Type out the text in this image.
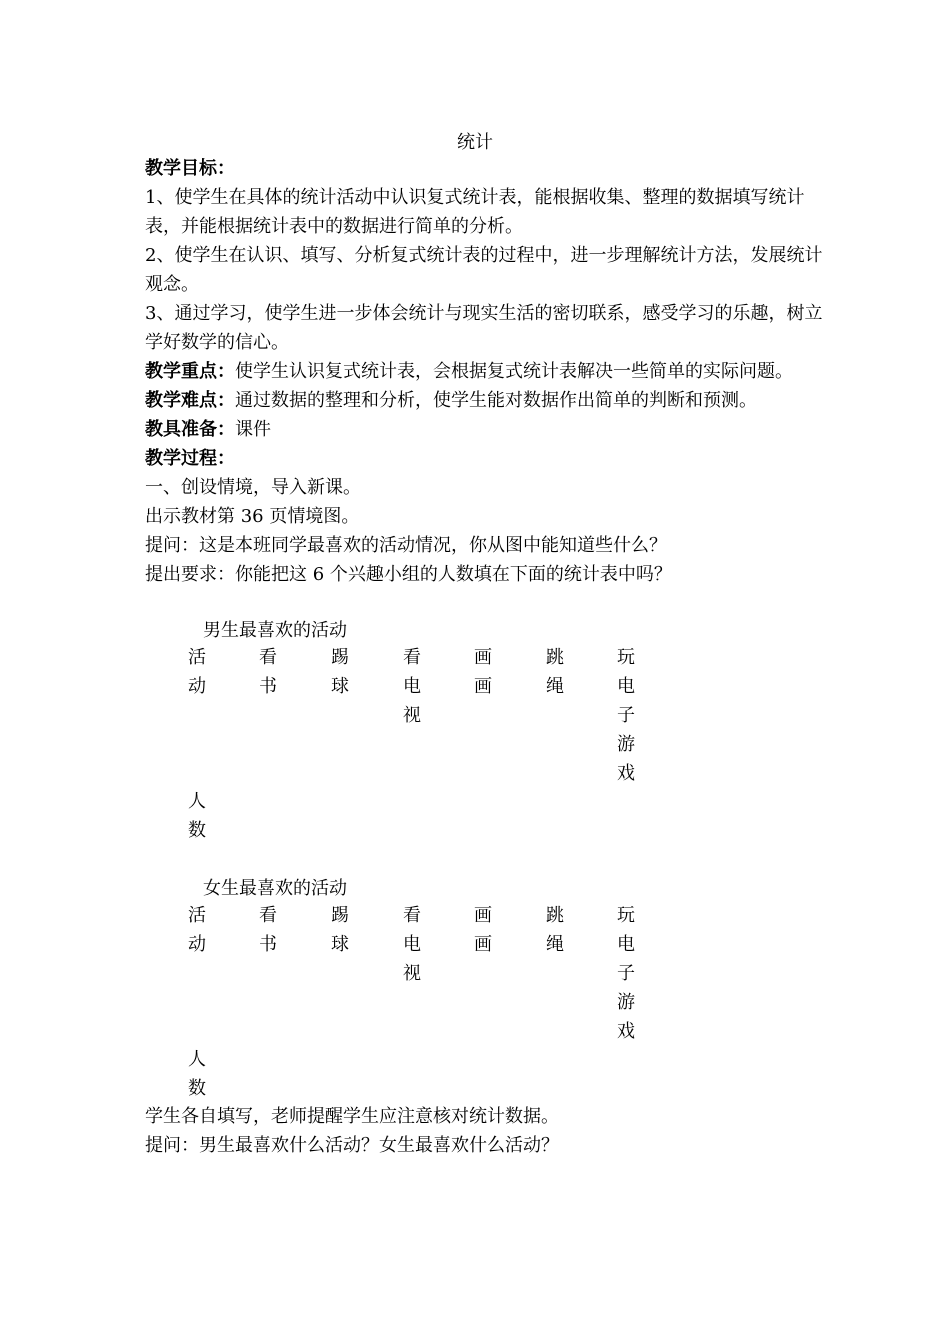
统计

教学目标：

1、使学生在具体的统计活动中认识复式统计表，能根据收集、整理的数据填写统计表，并能根据统计表中的数据进行简单的分析。

2、使学生在认识、填写、分析复式统计表的过程中，进一步理解统计方法，发展统计观念。

3、通过学习，使学生进一步体会统计与现实生活的密切联系，感受学习的乐趣，树立学好数学的信心。

教学重点：使学生认识复式统计表，会根据复式统计表解决一些简单的实际问题。

教学难点：通过数据的整理和分析，使学生能对数据作出简单的判断和预测。

教具准备：课件

教学过程：

一、创设情境，导入新课。

出示教材第 36 页情境图。

提问：这是本班同学最喜欢的活动情况，你从图中能知道些什么？

提出要求：你能把这 6 个兴趣小组的人数填在下面的统计表中吗？

男生最喜欢的活动
活动
看书
踢球
看电视
画画
跳绳
玩电子游戏
人数
女生最喜欢的活动
活动
看书
踢球
看电视
画画
跳绳
玩电子游戏
人数

学生各自填写，老师提醒学生应注意核对统计数据。

提问：男生最喜欢什么活动？女生最喜欢什么活动？
